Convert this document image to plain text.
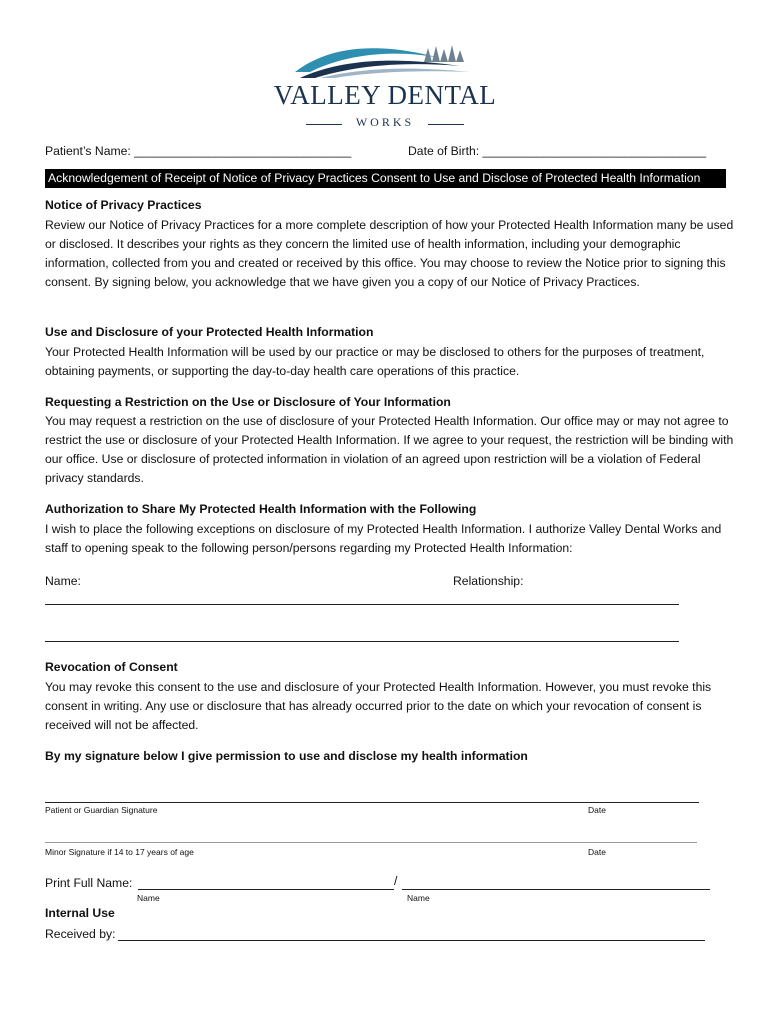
VALLEY DENTAL
WORKS
Patient’s Name: ________________________________	Date of Birth: _________________________________
Acknowledgement of Receipt of Notice of Privacy Practices Consent to Use and Disclose of Protected Health Information
Notice of Privacy Practices
Review our Notice of Privacy Practices for a more complete description of how your Protected Health Information many be used or disclosed. It describes your rights as they concern the limited use of health information, including your demographic information, collected from you and created or received by this office. You may choose to review the Notice prior to signing this consent. By signing below, you acknowledge that we have given you a copy of our Notice of Privacy Practices.
Use and Disclosure of your Protected Health Information
Your Protected Health Information will be used by our practice or may be disclosed to others for the purposes of treatment, obtaining payments, or supporting the day-to-day health care operations of this practice.
Requesting a Restriction on the Use or Disclosure of Your Information
You may request a restriction on the use of disclosure of your Protected Health Information. Our office may or may not agree to restrict the use or disclosure of your Protected Health Information. If we agree to your request, the restriction will be binding with our office. Use or disclosure of protected information in violation of an agreed upon restriction will be a violation of Federal privacy standards.
Authorization to Share My Protected Health Information with the Following
I wish to place the following exceptions on disclosure of my Protected Health Information. I authorize Valley Dental Works and staff to opening speak to the following person/persons regarding my Protected Health Information:
Name:	Relationship:
Revocation of Consent
You may revoke this consent to the use and disclosure of your Protected Health Information. However, you must revoke this consent in writing. Any use or disclosure that has already occurred prior to the date on which your revocation of consent is received will not be affected.
By my signature below I give permission to use and disclose my health information
Patient or Guardian Signature	Date
Minor Signature if 14 to 17 years of age	Date
Print Full Name:	/
Name	Name
Internal Use
Received by:
